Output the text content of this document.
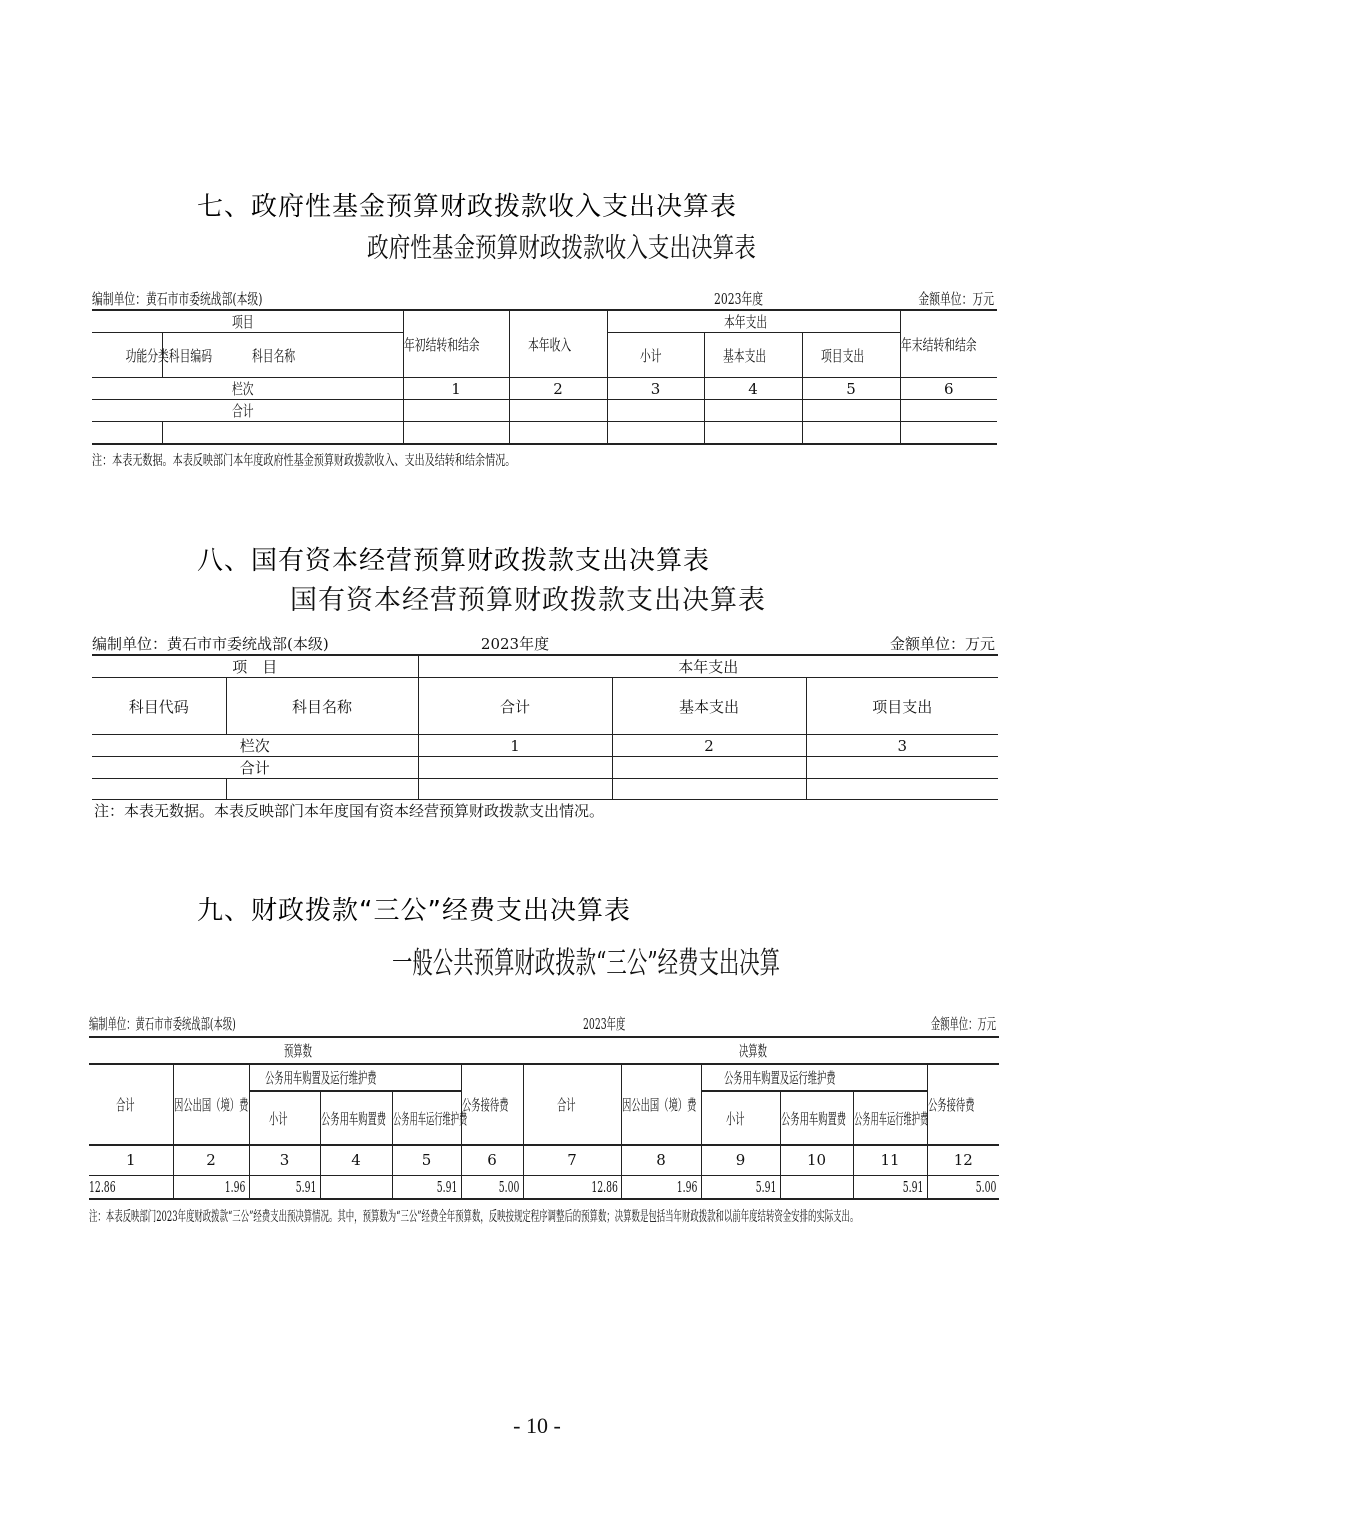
七、政府性基金预算财政拨款收入支出决算表
政府性基金预算财政拨款收入支出决算表
编制单位：黄石市市委统战部(本级)			2023年度			金额单位：万元	
项目		年初结转和结余	本年收入	本年支出			年末结转和结余
功能分类科目编码	科目名称			小计	基本支出	项目支出	
栏次		1	2	3	4	5	6
合计							

注：本表无数据。本表反映部门本年度政府性基金预算财政拨款收入、支出及结转和结余情况。
八、国有资本经营预算财政拨款支出决算表
国有资本经营预算财政拨款支出决算表
编制单位：黄石市市委统战部(本级)		2023年度		金额单位：万元
项　目		本年支出		
科目代码	科目名称	合计	基本支出	项目支出
栏次		1	2	3
合计				

注：本表无数据。本表反映部门本年度国有资本经营预算财政拨款支出情况。
九、财政拨款“三公”经费支出决算表
一般公共预算财政拨款“三公”经费支出决算
编制单位：黄石市市委统战部(本级)				2023年度				金额单位：万元			
预算数						决算数					
合计	因公出国（境）费	公务用车购置及运行维护费			公务接待费	合计	因公出国（境）费	公务用车购置及运行维护费			公务接待费
		小计	公务用车购置费	公务用车运行维护费				小计	公务用车购置费	公务用车运行维护费	
1	2	3	4	5	6	7	8	9	10	11	12
12.86	1.96	5.91		5.91	5.00	12.86	1.96	5.91		5.91	5.00
注：本表反映部门2023年度财政拨款“三公”经费支出预决算情况。其中，预算数为“三公”经费全年预算数，反映按规定程序调整后的预算数；决算数是包括当年财政拨款和以前年度结转资金安排的实际支出。
- 10 -
